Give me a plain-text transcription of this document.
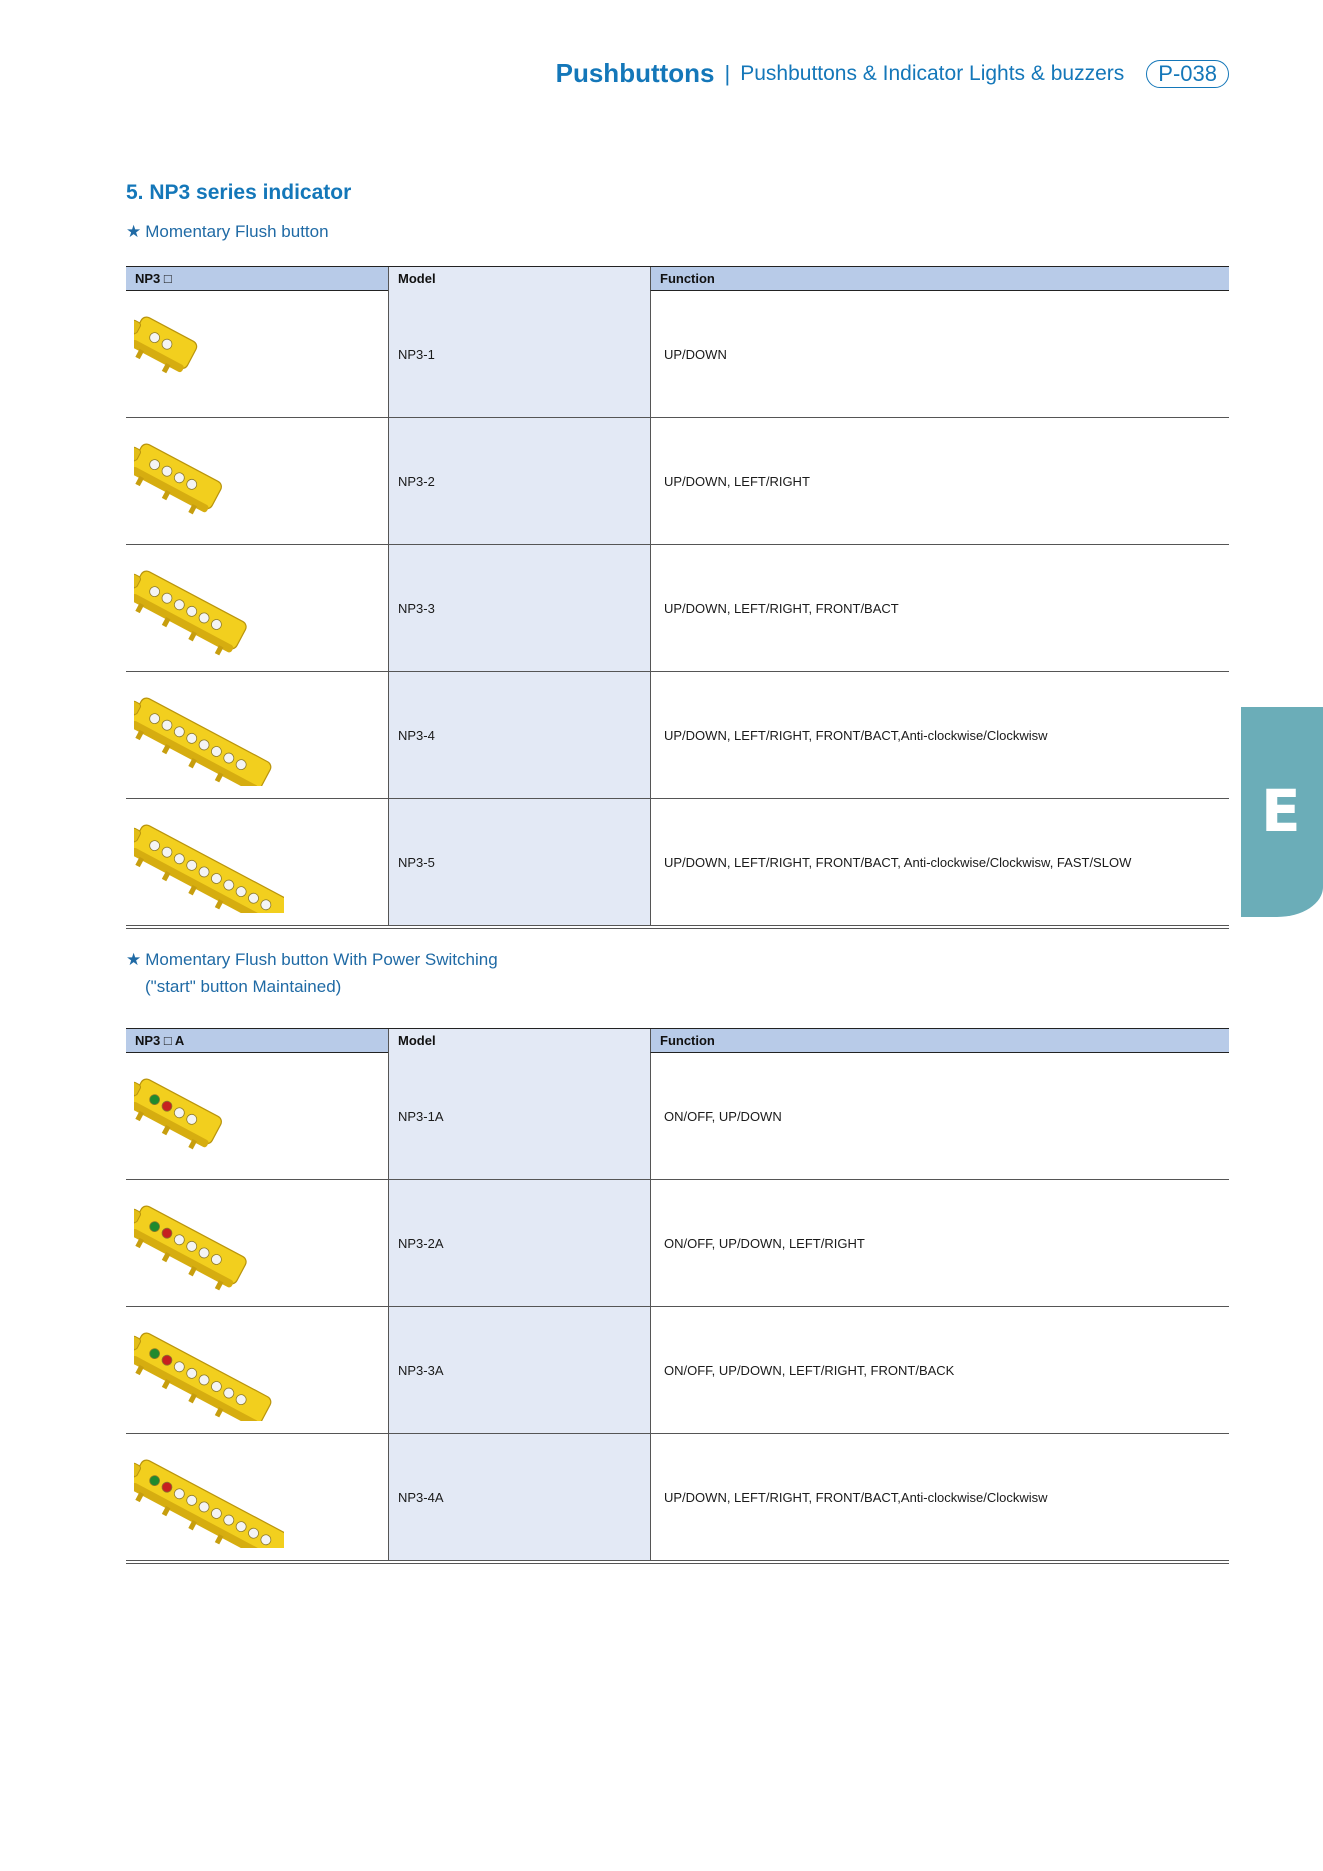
Pushbuttons | Pushbuttons & Indicator Lights & buzzers	P-038
5. NP3 series indicator
★ Momentary Flush button
NP3 □	Model	Function
NP3-1	UP/DOWN
NP3-2	UP/DOWN, LEFT/RIGHT
NP3-3	UP/DOWN, LEFT/RIGHT, FRONT/BACT
NP3-4	UP/DOWN, LEFT/RIGHT, FRONT/BACT,Anti-clockwise/Clockwisw
NP3-5	UP/DOWN, LEFT/RIGHT, FRONT/BACT, Anti-clockwise/Clockwisw, FAST/SLOW
★ Momentary Flush button With Power Switching
("start" button Maintained)
NP3 □ A	Model	Function
NP3-1A	ON/OFF, UP/DOWN
NP3-2A	ON/OFF, UP/DOWN, LEFT/RIGHT
NP3-3A	ON/OFF, UP/DOWN, LEFT/RIGHT, FRONT/BACK
NP3-4A	UP/DOWN, LEFT/RIGHT, FRONT/BACT,Anti-clockwise/Clockwisw
E
